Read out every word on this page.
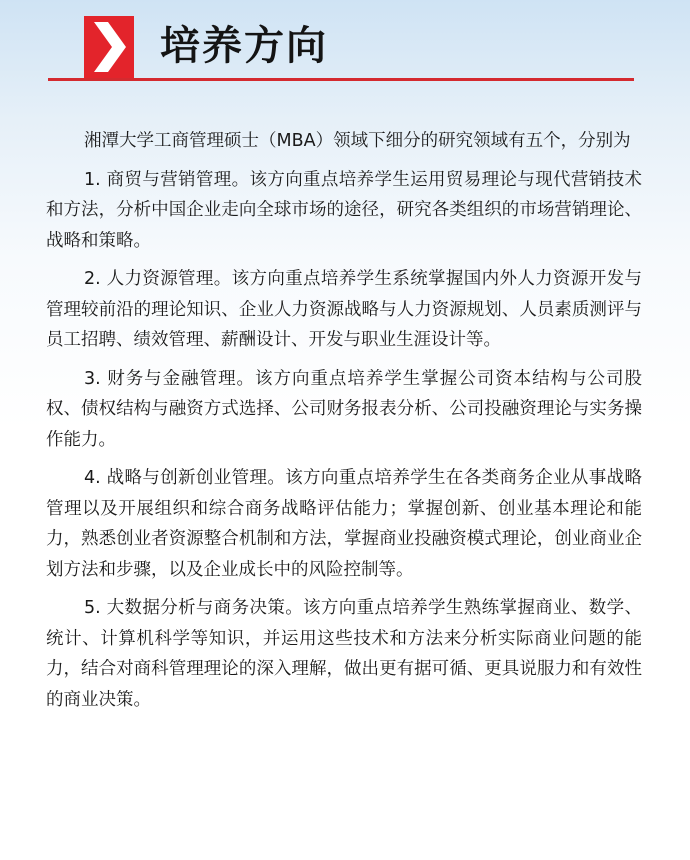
培养方向

湘潭大学工商管理硕士（MBA）领域下细分的研究领域有五个，分别为

1. 商贸与营销管理。该方向重点培养学生运用贸易理论与现代营销技术和方法，分析中国企业走向全球市场的途径，研究各类组织的市场营销理论、战略和策略。

2. 人力资源管理。该方向重点培养学生系统掌握国内外人力资源开发与管理较前沿的理论知识、企业人力资源战略与人力资源规划、人员素质测评与员工招聘、绩效管理、薪酬设计、开发与职业生涯设计等。

3. 财务与金融管理。该方向重点培养学生掌握公司资本结构与公司股权、债权结构与融资方式选择、公司财务报表分析、公司投融资理论与实务操作能力。

4. 战略与创新创业管理。该方向重点培养学生在各类商务企业从事战略管理以及开展组织和综合商务战略评估能力；掌握创新、创业基本理论和能力，熟悉创业者资源整合机制和方法，掌握商业投融资模式理论，创业商业企划方法和步骤，以及企业成长中的风险控制等。

5. 大数据分析与商务决策。该方向重点培养学生熟练掌握商业、数学、统计、计算机科学等知识，并运用这些技术和方法来分析实际商业问题的能力，结合对商科管理理论的深入理解，做出更有据可循、更具说服力和有效性的商业决策。
